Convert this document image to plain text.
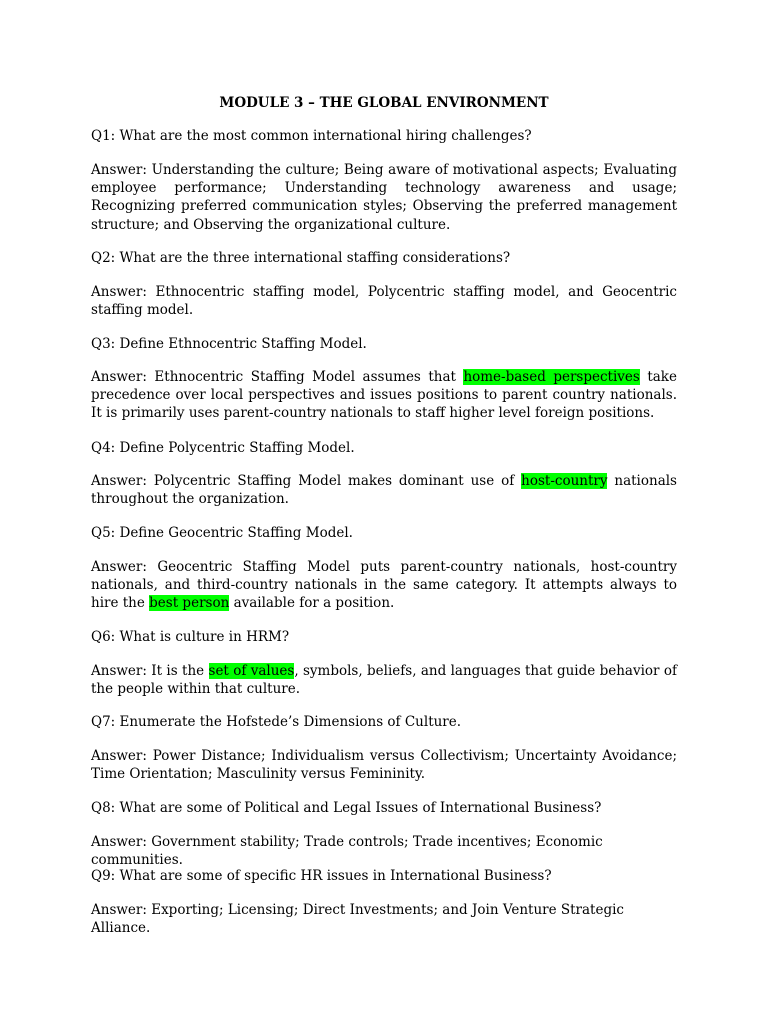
MODULE 3 – THE GLOBAL ENVIRONMENT
Q1: What are the most common international hiring challenges?
Answer: Understanding the culture; Being aware of motivational aspects; Evaluating employee performance; Understanding technology awareness and usage; Recognizing preferred communication styles; Observing the preferred management structure; and Observing the organizational culture.
Q2: What are the three international staffing considerations?
Answer: Ethnocentric staffing model, Polycentric staffing model, and Geocentric staffing model.
Q3: Define Ethnocentric Staffing Model.
Answer: Ethnocentric Staffing Model assumes that home-based perspectives take precedence over local perspectives and issues positions to parent country nationals. It is primarily uses parent-country nationals to staff higher level foreign positions.
Q4: Define Polycentric Staffing Model.
Answer: Polycentric Staffing Model makes dominant use of host-country nationals throughout the organization.
Q5: Define Geocentric Staffing Model.
Answer: Geocentric Staffing Model puts parent-country nationals, host-country nationals, and third-country nationals in the same category. It attempts always to hire the best person available for a position.
Q6: What is culture in HRM?
Answer: It is the set of values, symbols, beliefs, and languages that guide behavior of the people within that culture.
Q7: Enumerate the Hofstede’s Dimensions of Culture.
Answer: Power Distance; Individualism versus Collectivism; Uncertainty Avoidance; Time Orientation; Masculinity versus Femininity.
Q8: What are some of Political and Legal Issues of International Business?
Answer: Government stability; Trade controls; Trade incentives; Economic communities.
Q9: What are some of specific HR issues in International Business?
Answer: Exporting; Licensing; Direct Investments; and Join Venture Strategic Alliance.
